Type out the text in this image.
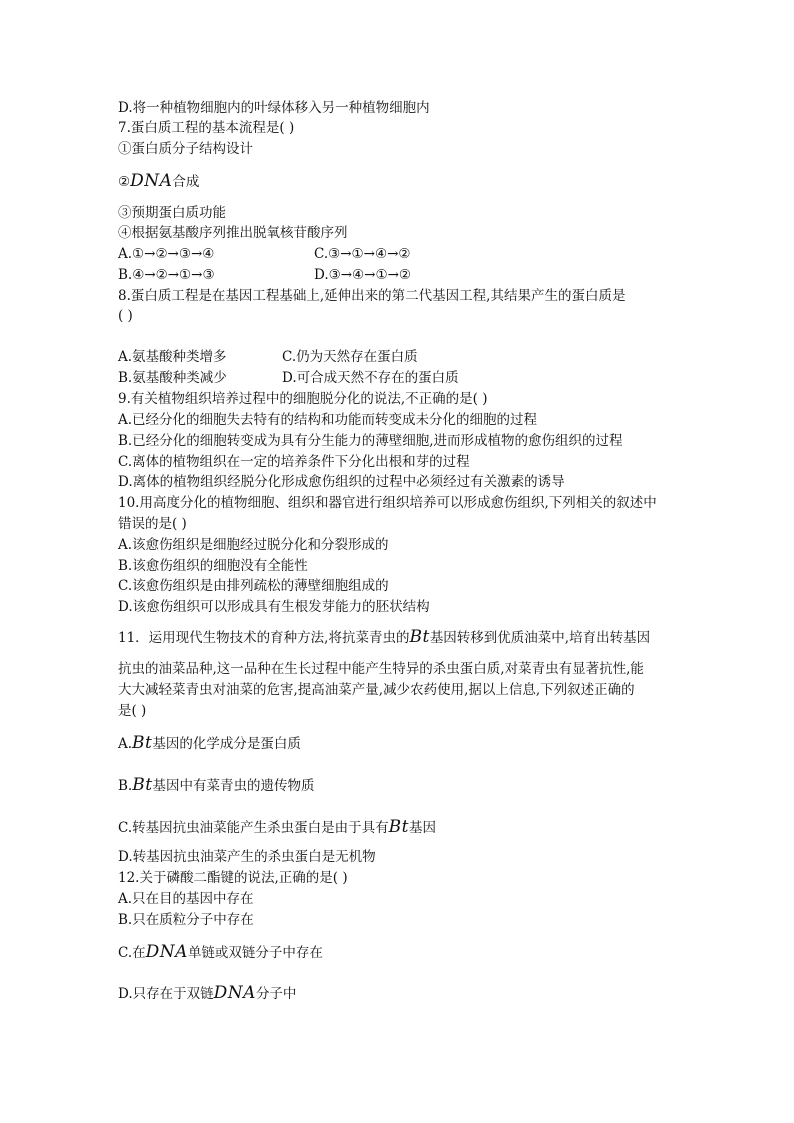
D.将一种植物细胞内的叶绿体移入另一种植物细胞内
7.蛋白质工程的基本流程是( )
①蛋白质分子结构设计
②DNA合成
③预期蛋白质功能
④根据氨基酸序列推出脱氧核苷酸序列
A.①→②→③→④	C.③→①→④→②
B.④→②→①→③	D.③→④→①→②
8.蛋白质工程是在基因工程基础上,延伸出来的第二代基因工程,其结果产生的蛋白质是
( )
A.氨基酸种类增多	C.仍为天然存在蛋白质
B.氨基酸种类减少	D.可合成天然不存在的蛋白质
9.有关植物组织培养过程中的细胞脱分化的说法,不正确的是( )
A.已经分化的细胞失去特有的结构和功能而转变成未分化的细胞的过程
B.已经分化的细胞转变成为具有分生能力的薄壁细胞,进而形成植物的愈伤组织的过程
C.离体的植物组织在一定的培养条件下分化出根和芽的过程
D.离体的植物组织经脱分化形成愈伤组织的过程中必须经过有关激素的诱导
10.用高度分化的植物细胞、组织和器官进行组织培养可以形成愈伤组织,下列相关的叙述中
错误的是( )
A.该愈伤组织是细胞经过脱分化和分裂形成的
B.该愈伤组织的细胞没有全能性
C.该愈伤组织是由排列疏松的薄壁细胞组成的
D.该愈伤组织可以形成具有生根发芽能力的胚状结构
11．运用现代生物技术的育种方法,将抗菜青虫的Bt基因转移到优质油菜中,培育出转基因
抗虫的油菜品种,这一品种在生长过程中能产生特异的杀虫蛋白质,对菜青虫有显著抗性,能
大大减轻菜青虫对油菜的危害,提高油菜产量,减少农药使用,据以上信息,下列叙述正确的
是( )
A.Bt基因的化学成分是蛋白质
B.Bt基因中有菜青虫的遗传物质
C.转基因抗虫油菜能产生杀虫蛋白是由于具有Bt基因
D.转基因抗虫油菜产生的杀虫蛋白是无机物
12.关于磷酸二酯键的说法,正确的是( )
A.只在目的基因中存在
B.只在质粒分子中存在
C.在DNA单链或双链分子中存在
D.只存在于双链DNA分子中
